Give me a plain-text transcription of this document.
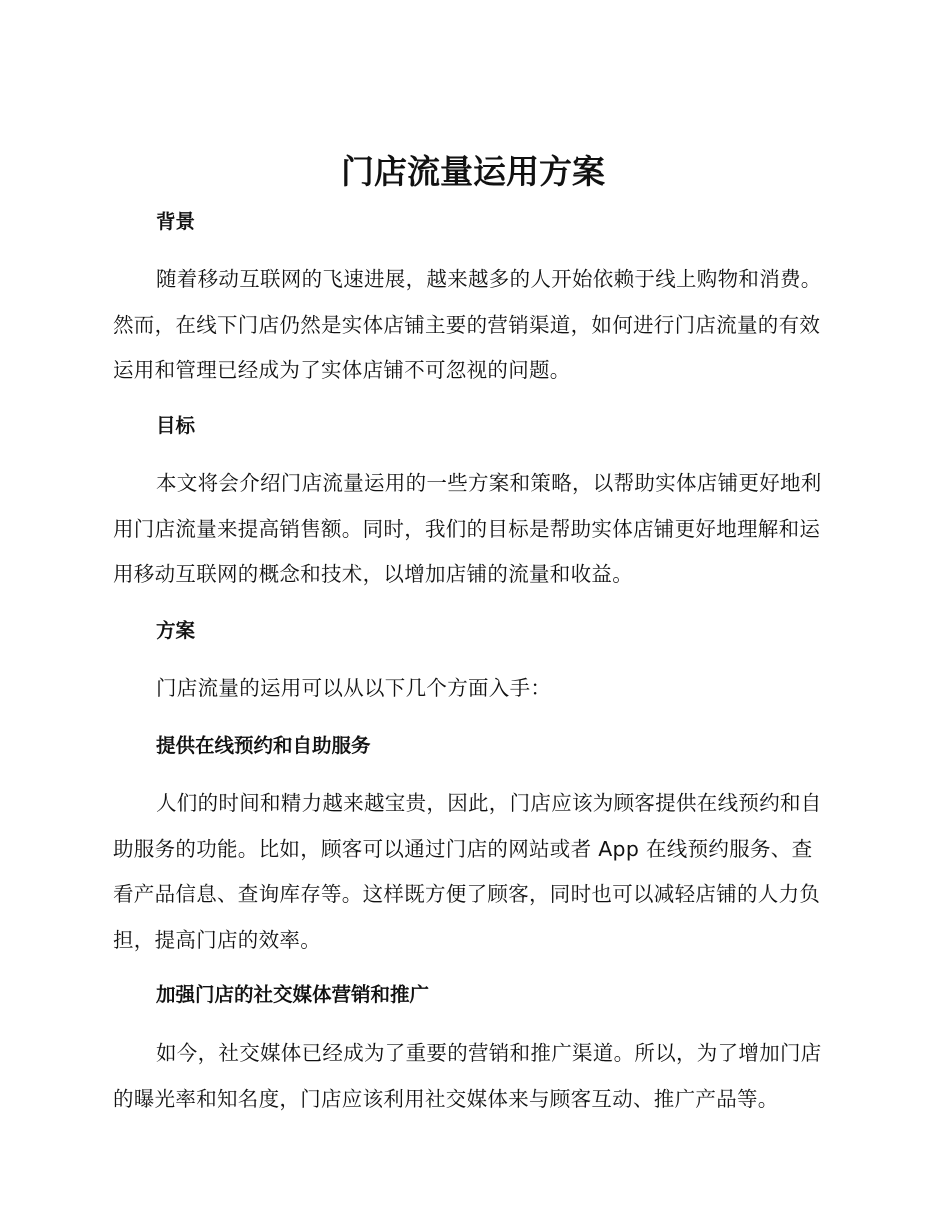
门店流量运用方案
背景
随着移动互联网的飞速进展，越来越多的人开始依赖于线上购物和消费。然而，在线下门店仍然是实体店铺主要的营销渠道，如何进行门店流量的有效运用和管理已经成为了实体店铺不可忽视的问题。
目标
本文将会介绍门店流量运用的一些方案和策略，以帮助实体店铺更好地利用门店流量来提高销售额。同时，我们的目标是帮助实体店铺更好地理解和运用移动互联网的概念和技术，以增加店铺的流量和收益。
方案
门店流量的运用可以从以下几个方面入手：
提供在线预约和自助服务
人们的时间和精力越来越宝贵，因此，门店应该为顾客提供在线预约和自助服务的功能。比如，顾客可以通过门店的网站或者 App 在线预约服务、查看产品信息、查询库存等。这样既方便了顾客，同时也可以减轻店铺的人力负担，提高门店的效率。
加强门店的社交媒体营销和推广
如今，社交媒体已经成为了重要的营销和推广渠道。所以，为了增加门店的曝光率和知名度，门店应该利用社交媒体来与顾客互动、推广产品等。
